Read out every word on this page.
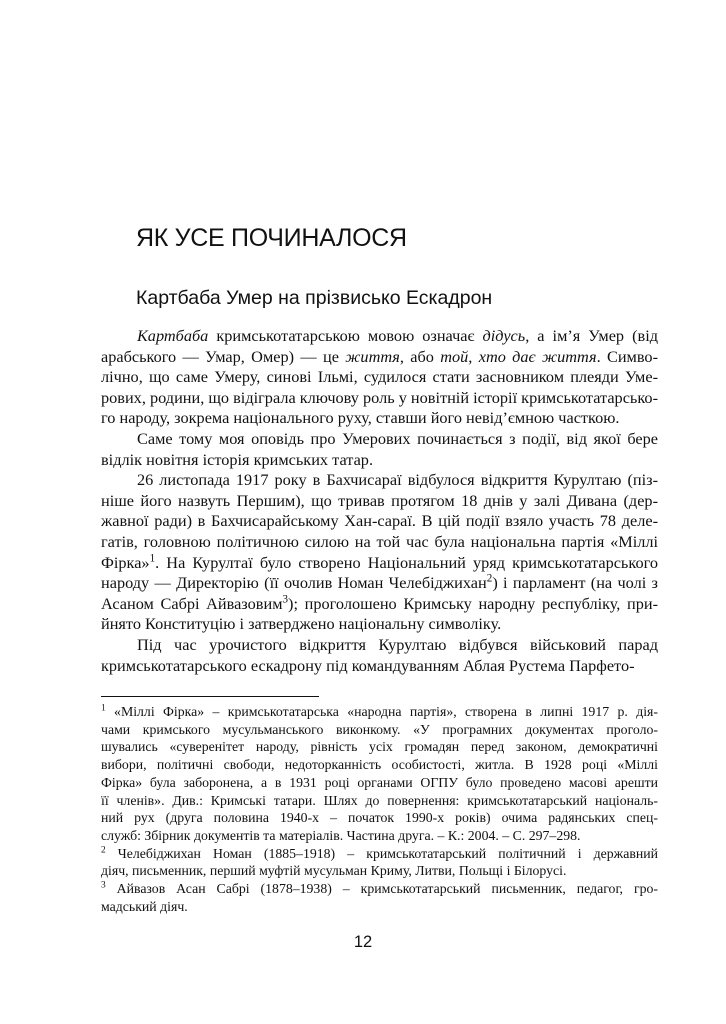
ЯК УСЕ ПОЧИНАЛОСЯ
Картбаба Умер на прізвисько Ескадрон

Картбаба кримськотатарською мовою означає дідусь, а ім’я Умер (від
арабського — Умар, Омер) — це життя, або той, хто дає життя. Симво-
лічно, що саме Умеру, синові Ільмі, судилося стати засновником плеяди Уме-
рових, родини, що відіграла ключову роль у новітній історії кримськотатарсько-
го народу, зокрема національного руху, ставши його невід’ємною часткою.

Саме тому моя оповідь про Умерових починається з події, від якої бере
відлік новітня історія кримських татар.

26 листопада 1917 року в Бахчисараї відбулося відкриття Курултаю (піз-
ніше його назвуть Першим), що тривав протягом 18 днів у залі Дивана (дер-
жавної ради) в Бахчисарайському Хан-сараї. В цій події взяло участь 78 деле-
гатів, головною політичною силою на той час була національна партія «Міллі
Фірка»$^1$. На Курултаї було створено Національний уряд кримськотатарського
народу — Директорію (її очолив Номан Челебіджихан$^2$) і парламент (на чолі з
Асаном Сабрі Айвазовим$^3$); проголошено Кримську народну республіку, при-
йнято Конституцію і затверджено національну символіку.

Під час урочистого відкриття Курултаю відбувся військовий парад
кримськотатарського ескадрону під командуванням Аблая Рустема Парфето-

$^1$ «Міллі Фірка» – кримськотатарська «народна партія», створена в липні 1917 р. дія-
чами кримського мусульманського виконкому. «У програмних документах проголо-
шувались «суверенітет народу, рівність усіх громадян перед законом, демократичні
вибори, політичні свободи, недоторканність особистості, житла. В 1928 році «Міллі
Фірка» була заборонена, а в 1931 році органами ОГПУ було проведено масові арешти
її членів». Див.: Кримські татари. Шлях до повернення: кримськотатарський національ-
ний рух (друга половина 1940-х – початок 1990-х років) очима радянських спец-
служб: Збірник документів та матеріалів. Частина друга. – К.: 2004. – С. 297–298.

$^2$ Челебіджихан Номан (1885–1918) – кримськотатарський політичний і державний
діяч, письменник, перший муфтій мусульман Криму, Литви, Польщі і Білорусі.

$^3$ Айвазов Асан Сабрі (1878–1938) – кримськотатарський письменник, педагог, гро-
мадський діяч.

12
